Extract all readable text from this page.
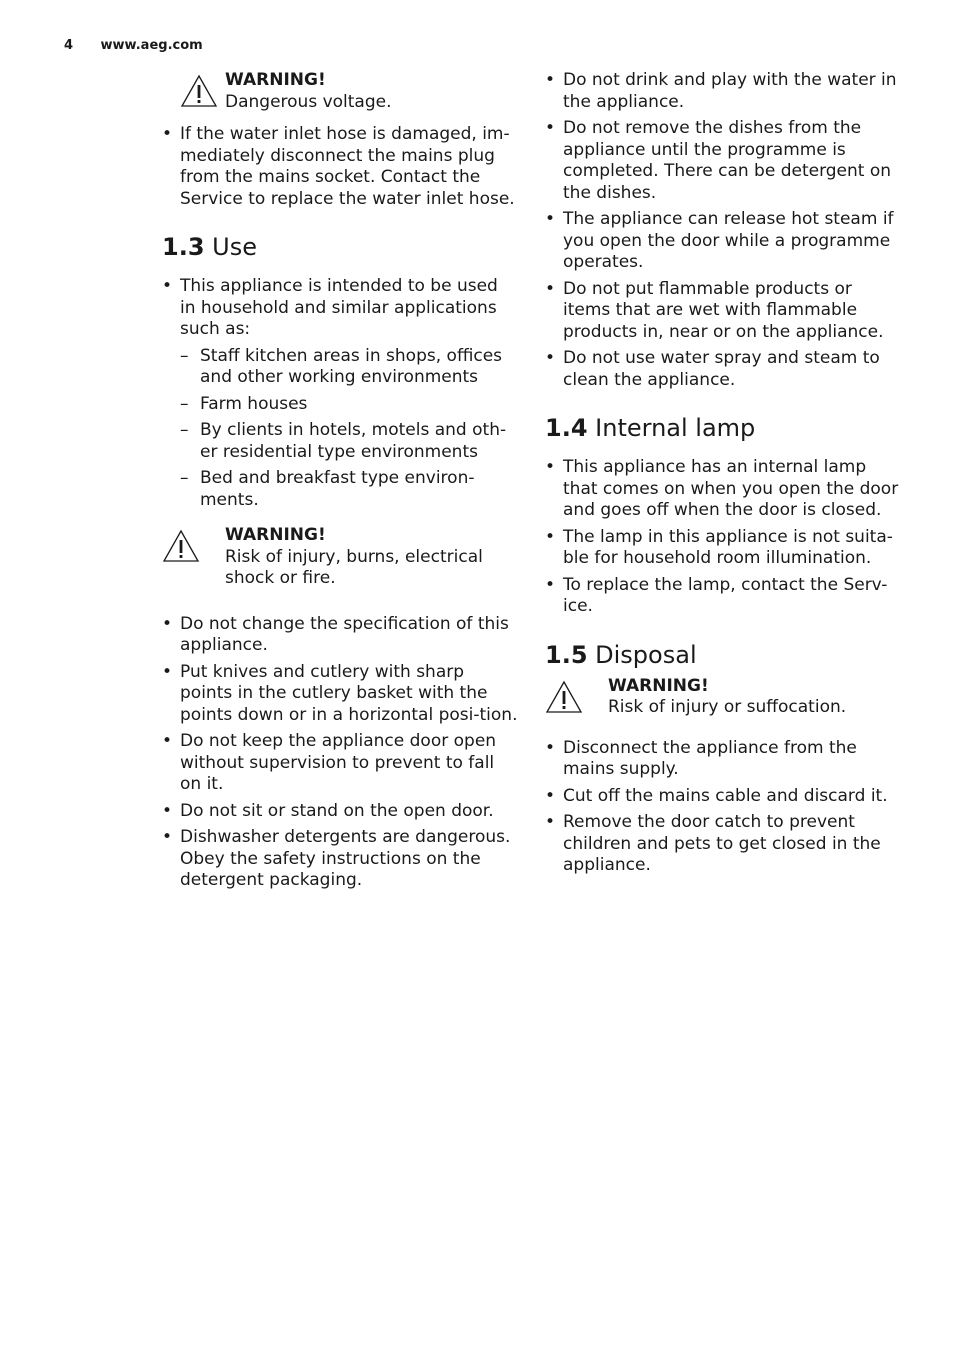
4 www.aeg.com
WARNING!
Dangerous voltage.
• If the water inlet hose is damaged, im-mediately disconnect the mains plug from the mains socket. Contact the Service to replace the water inlet hose.
1.3 Use
• This appliance is intended to be used in household and similar applications such as:
– Staff kitchen areas in shops, offices and other working environments
– Farm houses
– By clients in hotels, motels and oth-er residential type environments
– Bed and breakfast type environ-ments.
WARNING!
Risk of injury, burns, electrical shock or fire.
• Do not change the specification of this appliance.
• Put knives and cutlery with sharp points in the cutlery basket with the points down or in a horizontal posi-tion.
• Do not keep the appliance door open without supervision to prevent to fall on it.
• Do not sit or stand on the open door.
• Dishwasher detergents are dangerous. Obey the safety instructions on the detergent packaging.
• Do not drink and play with the water in the appliance.
• Do not remove the dishes from the appliance until the programme is completed. There can be detergent on the dishes.
• The appliance can release hot steam if you open the door while a programme operates.
• Do not put flammable products or items that are wet with flammable products in, near or on the appliance.
• Do not use water spray and steam to clean the appliance.
1.4 Internal lamp
• This appliance has an internal lamp that comes on when you open the door and goes off when the door is closed.
• The lamp in this appliance is not suita-ble for household room illumination.
• To replace the lamp, contact the Serv-ice.
1.5 Disposal
WARNING!
Risk of injury or suffocation.
• Disconnect the appliance from the mains supply.
• Cut off the mains cable and discard it.
• Remove the door catch to prevent children and pets to get closed in the appliance.
